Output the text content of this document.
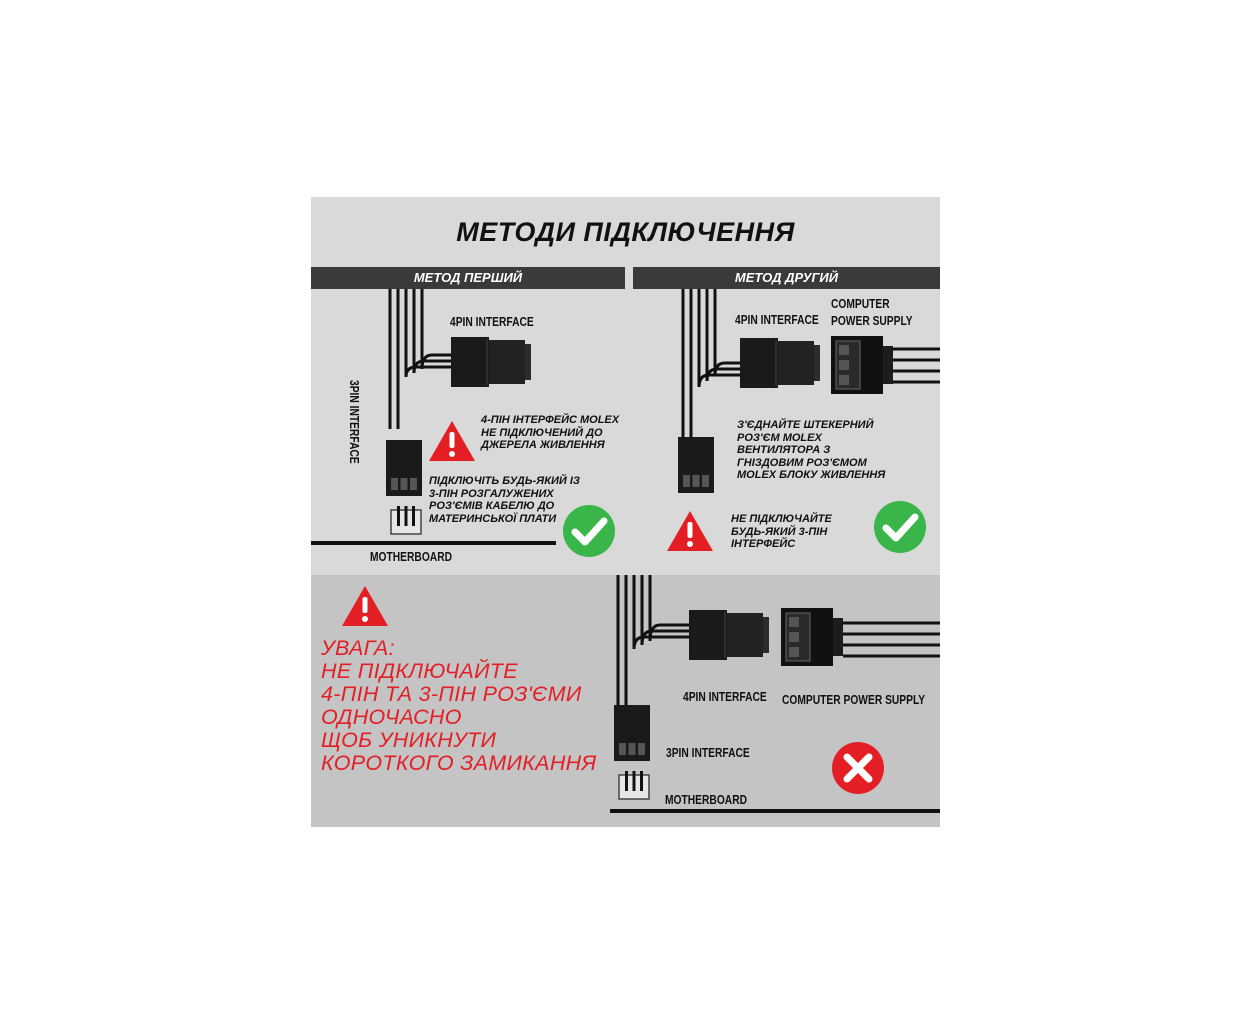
МЕТОДИ ПІДКЛЮЧЕННЯ
МЕТОД ПЕРШИЙ	МЕТОД ДРУГИЙ
4PIN INTERFACE
3PIN INTERFACE
MOTHERBOARD
4-ПІН ІНТЕРФЕЙС MOLEX
НЕ ПІДКЛЮЧЕНИЙ ДО
ДЖЕРЕЛА ЖИВЛЕННЯ
ПІДКЛЮЧІТЬ БУДЬ-ЯКИЙ ІЗ
3-ПІН РОЗГАЛУЖЕНИХ
РОЗ'ЄМІВ КАБЕЛЮ ДО
МАТЕРИНСЬКОЇ ПЛАТИ
4PIN INTERFACE
COMPUTER
POWER SUPPLY
З'ЄДНАЙТЕ ШТЕКЕРНИЙ
РОЗ'ЄМ MOLEX
ВЕНТИЛЯТОРА З
ГНІЗДОВИМ РОЗ'ЄМОМ
MOLEX БЛОКУ ЖИВЛЕННЯ
НЕ ПІДКЛЮЧАЙТЕ
БУДЬ-ЯКИЙ 3-ПІН
ІНТЕРФЕЙС
УВАГА:
НЕ ПІДКЛЮЧАЙТЕ
4-ПІН ТА 3-ПІН РОЗ'ЄМИ
ОДНОЧАСНО
ЩОБ УНИКНУТИ
КОРОТКОГО ЗАМИКАННЯ
4PIN INTERFACE COMPUTER POWER SUPPLY
3PIN INTERFACE
MOTHERBOARD
